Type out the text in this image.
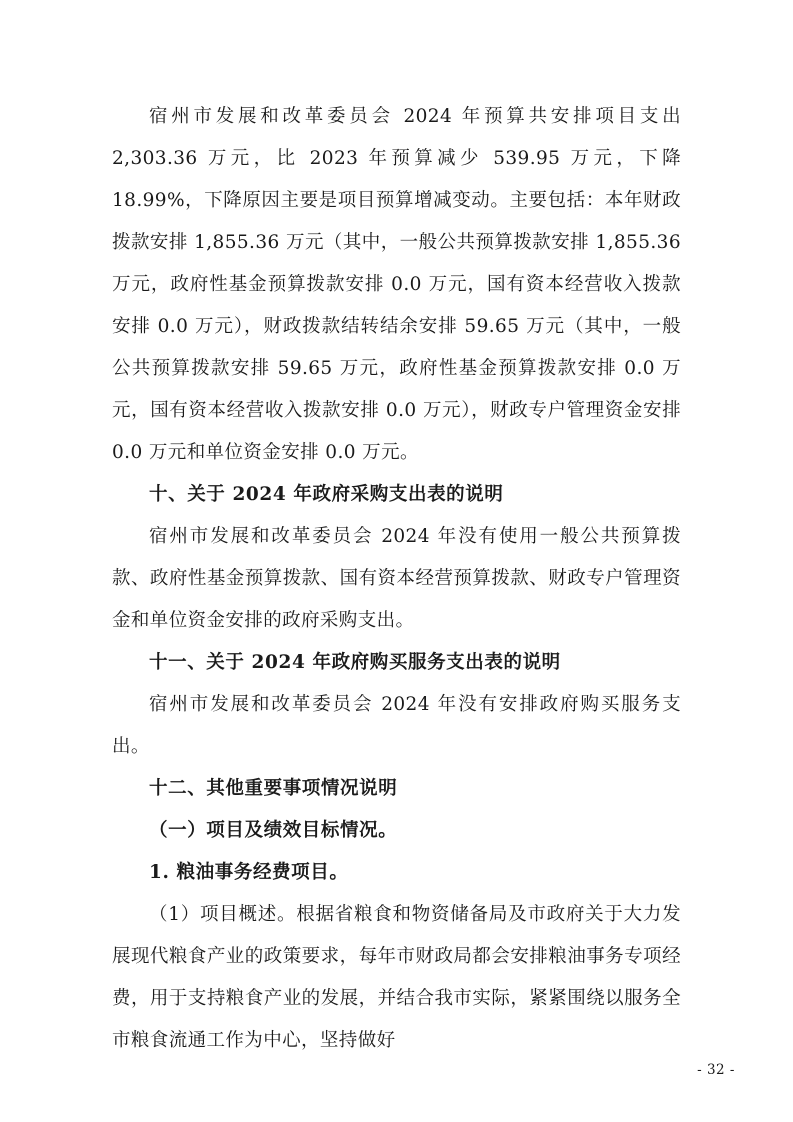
宿州市发展和改革委员会 2024 年预算共安排项目支出 2,303.36 万元，比 2023 年预算减少 539.95 万元，下降 18.99%，下降原因主要是项目预算增减变动。主要包括：本年财政拨款安排 1,855.36 万元（其中，一般公共预算拨款安排 1,855.36 万元，政府性基金预算拨款安排 0.0 万元，国有资本经营收入拨款安排 0.0 万元），财政拨款结转结余安排 59.65 万元（其中，一般公共预算拨款安排 59.65 万元，政府性基金预算拨款安排 0.0 万元，国有资本经营收入拨款安排 0.0 万元），财政专户管理资金安排 0.0 万元和单位资金安排 0.0 万元。

十、关于 2024 年政府采购支出表的说明

宿州市发展和改革委员会 2024 年没有使用一般公共预算拨款、政府性基金预算拨款、国有资本经营预算拨款、财政专户管理资金和单位资金安排的政府采购支出。

十一、关于 2024 年政府购买服务支出表的说明

宿州市发展和改革委员会 2024 年没有安排政府购买服务支出。

十二、其他重要事项情况说明

（一）项目及绩效目标情况。

1. 粮油事务经费项目。

（1）项目概述。根据省粮食和物资储备局及市政府关于大力发展现代粮食产业的政策要求，每年市财政局都会安排粮油事务专项经费，用于支持粮食产业的发展，并结合我市实际，紧紧围绕以服务全市粮食流通工作为中心，坚持做好

- 32 -
